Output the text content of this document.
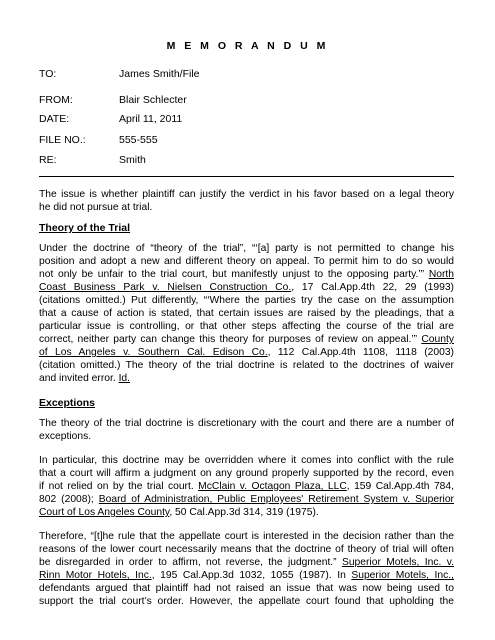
M E M O R A N D U M
TO:	James Smith/File
FROM:	Blair Schlecter
DATE:	April 11, 2011
FILE NO.:	555-555
RE:	Smith
The issue is whether plaintiff can justify the verdict in his favor based on a legal theory
he did not pursue at trial.
Theory of the Trial
Under the doctrine of “theory of the trial”, “‘[a] party is not permitted to change his
position and adopt a new and different theory on appeal. To permit him to do so would
not only be unfair to the trial court, but manifestly unjust to the opposing party.’” North
Coast Business Park v. Nielsen Construction Co., 17 Cal.App.4th 22, 29 (1993)
(citations omitted.) Put differently, “‘Where the parties try the case on the assumption
that a cause of action is stated, that certain issues are raised by the pleadings, that a
particular issue is controlling, or that other steps affecting the course of the trial are
correct, neither party can change this theory for purposes of review on appeal.’” County
of Los Angeles v. Southern Cal. Edison Co., 112 Cal.App.4th 1108, 1118 (2003)
(citation omitted.) The theory of the trial doctrine is related to the doctrines of waiver
and invited error. Id.
Exceptions
The theory of the trial doctrine is discretionary with the court and there are a number of
exceptions.
In particular, this doctrine may be overridden where it comes into conflict with the rule
that a court will affirm a judgment on any ground properly supported by the record, even
if not relied on by the trial court. McClain v. Octagon Plaza, LLC, 159 Cal.App.4th 784,
802 (2008); Board of Administration, Public Employees' Retirement System v. Superior
Court of Los Angeles County, 50 Cal.App.3d 314, 319 (1975).
Therefore, “[t]he rule that the appellate court is interested in the decision rather than the
reasons of the lower court necessarily means that the doctrine of theory of trial will often
be disregarded in order to affirm, not reverse, the judgment.” Superior Motels, Inc. v.
Rinn Motor Hotels, Inc., 195 Cal.App.3d 1032, 1055 (1987). In Superior Motels, Inc.,
defendants argued that plaintiff had not raised an issue that was now being used to
support the trial court’s order. However, the appellate court found that upholding the
